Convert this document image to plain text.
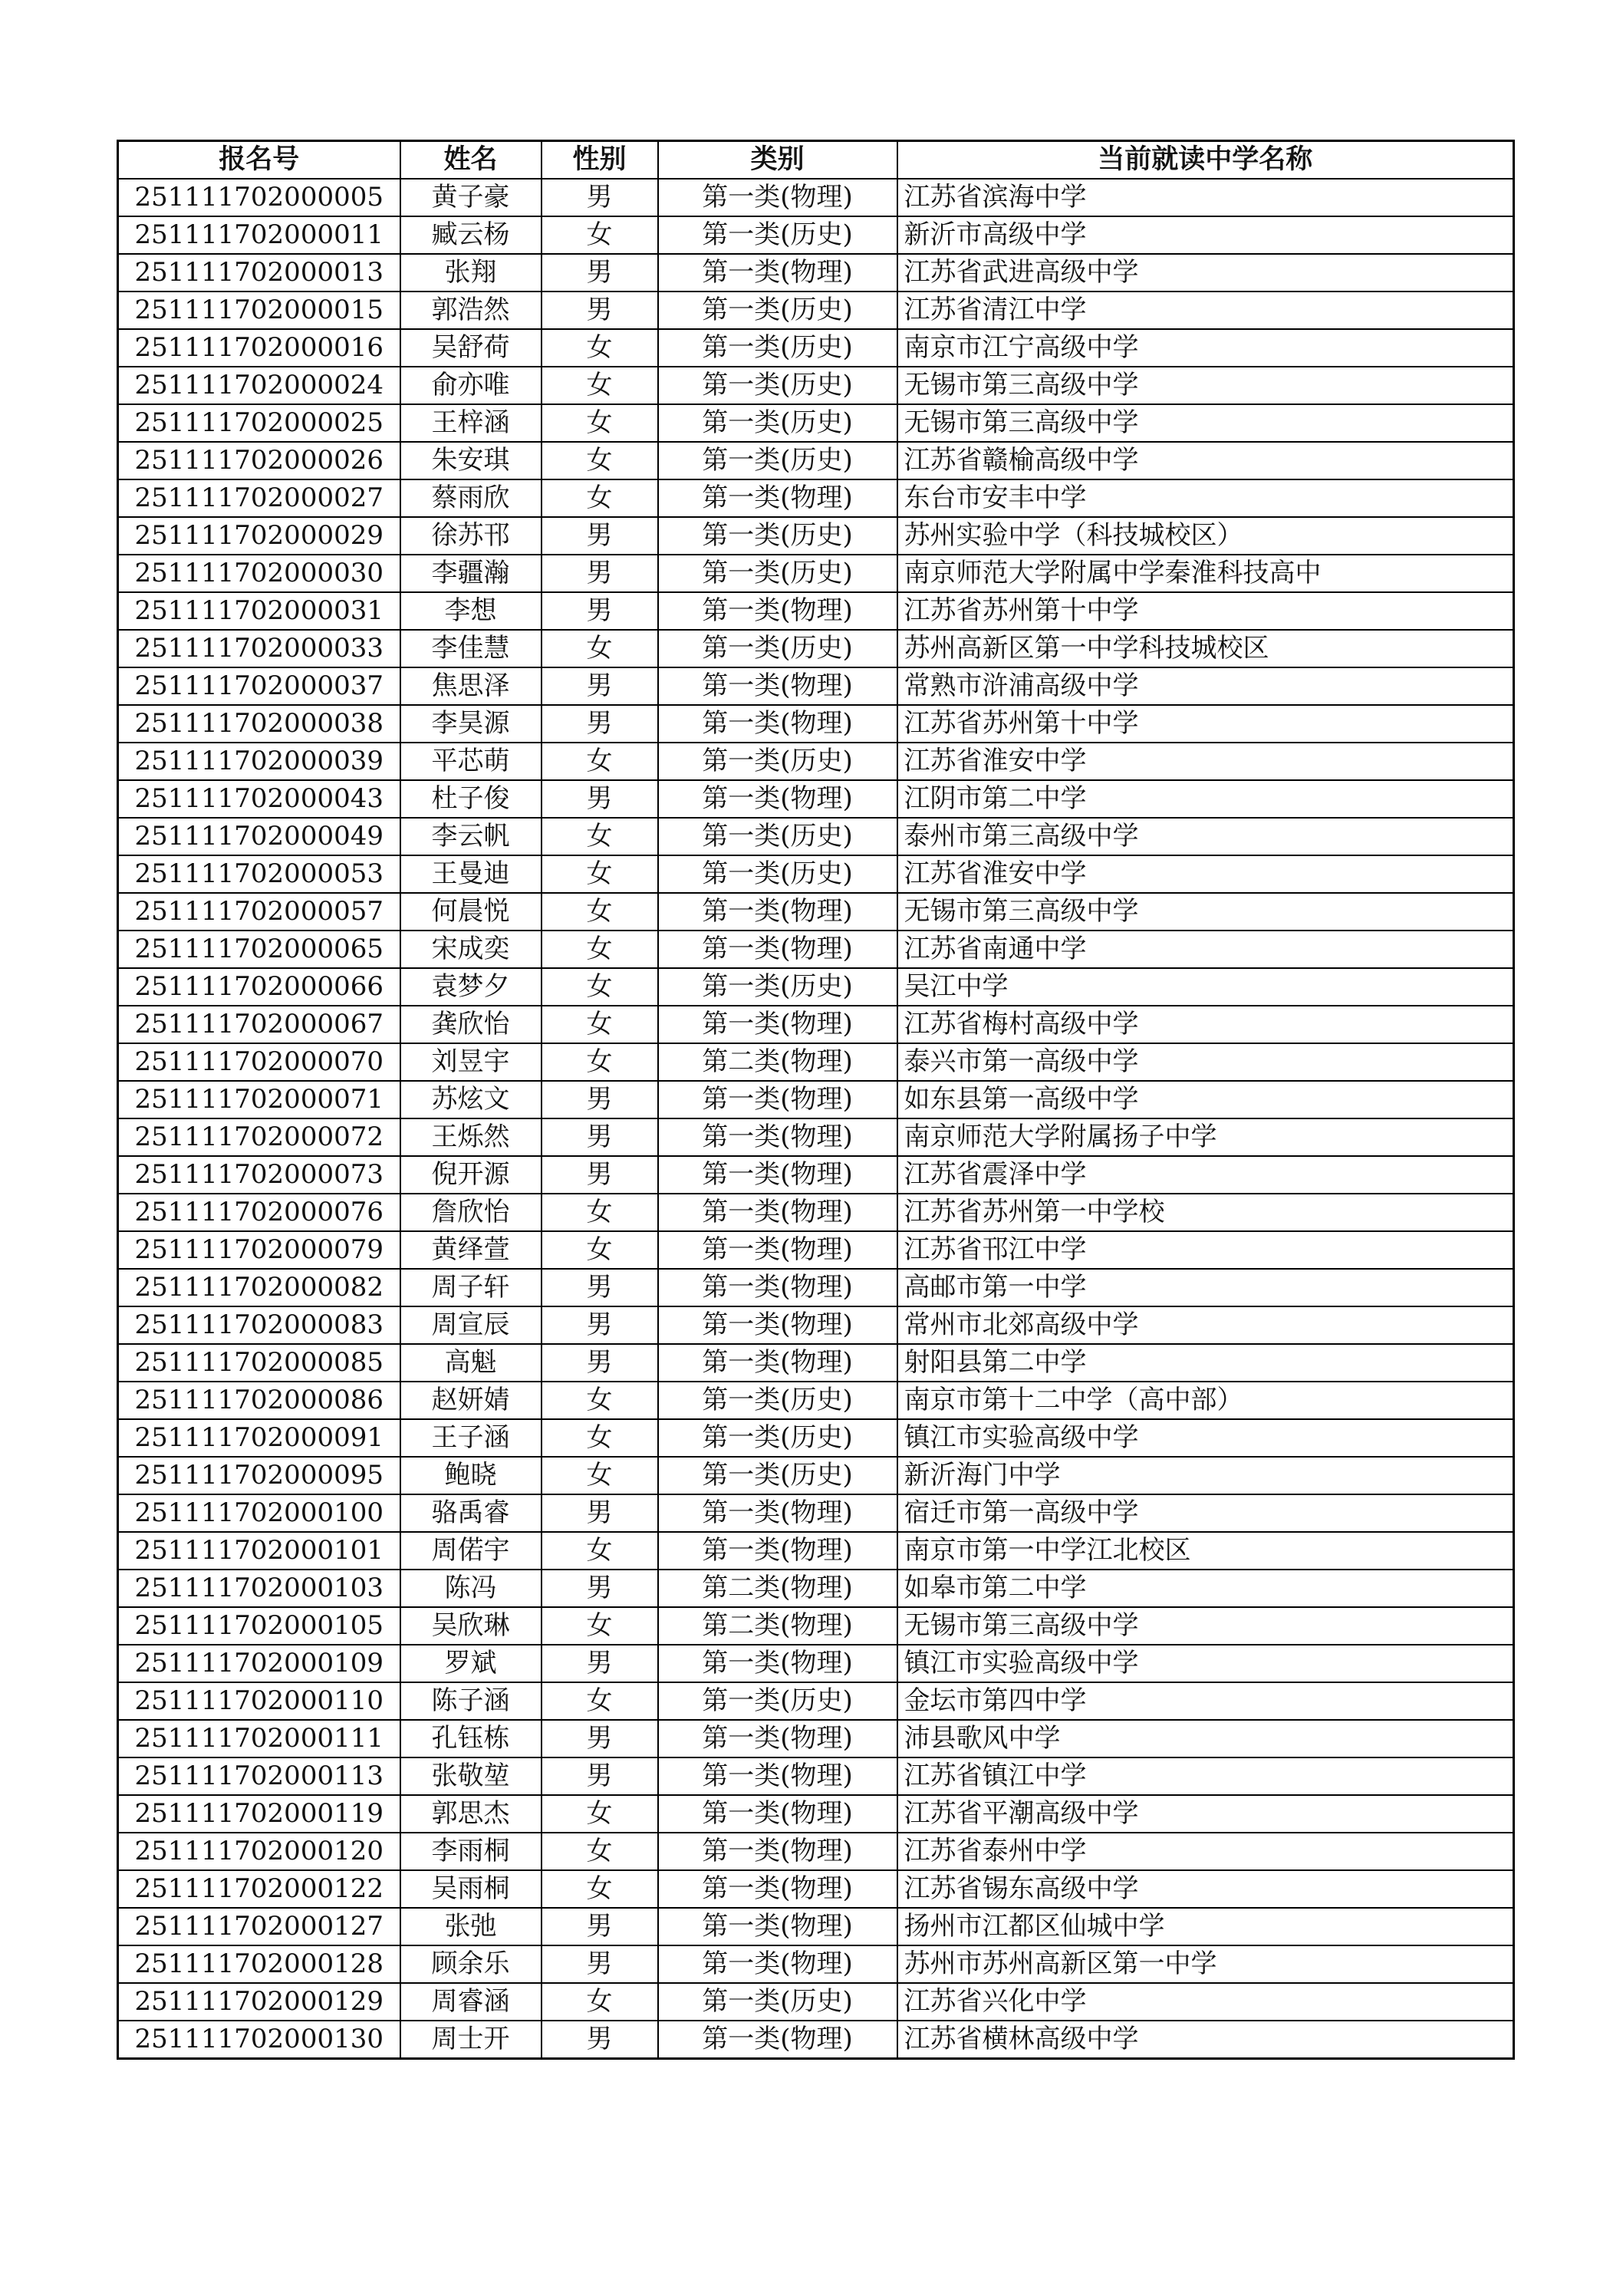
报名号	姓名	性别	类别	当前就读中学名称
251111702000005	黄子豪	男	第一类(物理)	江苏省滨海中学
251111702000011	臧云杨	女	第一类(历史)	新沂市高级中学
251111702000013	张翔	男	第一类(物理)	江苏省武进高级中学
251111702000015	郭浩然	男	第一类(历史)	江苏省清江中学
251111702000016	吴舒荷	女	第一类(历史)	南京市江宁高级中学
251111702000024	俞亦唯	女	第一类(历史)	无锡市第三高级中学
251111702000025	王梓涵	女	第一类(历史)	无锡市第三高级中学
251111702000026	朱安琪	女	第一类(历史)	江苏省赣榆高级中学
251111702000027	蔡雨欣	女	第一类(物理)	东台市安丰中学
251111702000029	徐苏邗	男	第一类(历史)	苏州实验中学（科技城校区）
251111702000030	李疆瀚	男	第一类(历史)	南京师范大学附属中学秦淮科技高中
251111702000031	李想	男	第一类(物理)	江苏省苏州第十中学
251111702000033	李佳慧	女	第一类(历史)	苏州高新区第一中学科技城校区
251111702000037	焦思泽	男	第一类(物理)	常熟市浒浦高级中学
251111702000038	李昊源	男	第一类(物理)	江苏省苏州第十中学
251111702000039	平芯萌	女	第一类(历史)	江苏省淮安中学
251111702000043	杜子俊	男	第一类(物理)	江阴市第二中学
251111702000049	李云帆	女	第一类(历史)	泰州市第三高级中学
251111702000053	王曼迪	女	第一类(历史)	江苏省淮安中学
251111702000057	何晨悦	女	第一类(物理)	无锡市第三高级中学
251111702000065	宋成奕	女	第一类(物理)	江苏省南通中学
251111702000066	袁梦夕	女	第一类(历史)	吴江中学
251111702000067	龚欣怡	女	第一类(物理)	江苏省梅村高级中学
251111702000070	刘昱宇	女	第二类(物理)	泰兴市第一高级中学
251111702000071	苏炫文	男	第一类(物理)	如东县第一高级中学
251111702000072	王烁然	男	第一类(物理)	南京师范大学附属扬子中学
251111702000073	倪开源	男	第一类(物理)	江苏省震泽中学
251111702000076	詹欣怡	女	第一类(物理)	江苏省苏州第一中学校
251111702000079	黄绎萱	女	第一类(物理)	江苏省邗江中学
251111702000082	周子轩	男	第一类(物理)	高邮市第一中学
251111702000083	周宣辰	男	第一类(物理)	常州市北郊高级中学
251111702000085	高魁	男	第一类(物理)	射阳县第二中学
251111702000086	赵妍婧	女	第一类(历史)	南京市第十二中学（高中部）
251111702000091	王子涵	女	第一类(历史)	镇江市实验高级中学
251111702000095	鲍晓	女	第一类(历史)	新沂海门中学
251111702000100	骆禹睿	男	第一类(物理)	宿迁市第一高级中学
251111702000101	周偌宇	女	第一类(物理)	南京市第一中学江北校区
251111702000103	陈冯	男	第二类(物理)	如皋市第二中学
251111702000105	吴欣琳	女	第二类(物理)	无锡市第三高级中学
251111702000109	罗斌	男	第一类(物理)	镇江市实验高级中学
251111702000110	陈子涵	女	第一类(历史)	金坛市第四中学
251111702000111	孔钰栋	男	第一类(物理)	沛县歌风中学
251111702000113	张敬堃	男	第一类(物理)	江苏省镇江中学
251111702000119	郭思杰	女	第一类(物理)	江苏省平潮高级中学
251111702000120	李雨桐	女	第一类(物理)	江苏省泰州中学
251111702000122	吴雨桐	女	第一类(物理)	江苏省锡东高级中学
251111702000127	张弛	男	第一类(物理)	扬州市江都区仙城中学
251111702000128	顾余乐	男	第一类(物理)	苏州市苏州高新区第一中学
251111702000129	周睿涵	女	第一类(历史)	江苏省兴化中学
251111702000130	周士开	男	第一类(物理)	江苏省横林高级中学
